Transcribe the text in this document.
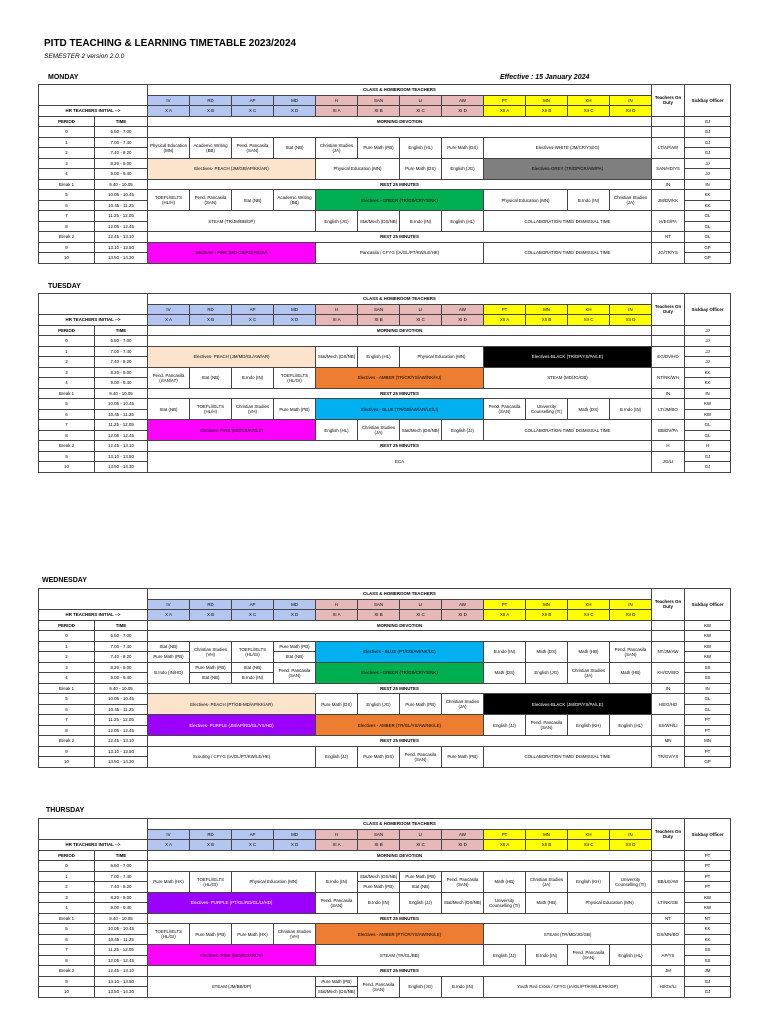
PITD TEACHING & LEARNING TIMETABLE 2023/2024
SEMESTER 2 version 2.0.0
Effective : 15 January 2024
MONDAY
TUESDAY
WEDNESDAY
THURSDAY
		CLASS & HOMEROOM TEACHERS												Teachers On Duty	Sickbay Officer
		IV	RD	AP	MD	H	SAN	LI	AW	PT	MN	KH	IN		
HR TEACHERS INITIAL -->		X A	X B	X C	X D	XI A	XI B	XI C	XI D	XII A	XII B	XII C	XII D		
PERIOD	TIME	MORNING DEVOTION													GJ
0	6.50 - 7.00														GJ
1	7.00 - 7.40	Physical Education (MN)	Academic Writing (BB)	Pend. Pancasila (SAN)	Stat (NB)	Christian Studies (JA)	Pure Math (PB)	English (HL)	Pure Math (DS)	Electives-WHITE (JM/CR/YS/IG)				LT/AP/AW	GJ
2	7.40 - 8.20														GJ
3	8.20 - 9.00	Electives- PEACH (JM/GB/AP/KK/AR)				Physical Education (MN)		Pure Math (DS)	English (JG)	Electives-GREY (TR/DP/CR/AW/PA)				SAN/HD/YS	JJ
4	9.00 - 9.40														JJ
Break 1	9.40 - 10.05	REST 25 MINUTES												IN	IN
5	10.05 - 10.45	TOEFL/IELTS (HL/H)	Pend. Pancasila (SAN)	Stat (NB)	Academic Writing (BB)	Electives - GREEN (TR/GB/CR/YS/NK)				Physical Education (MN)		B.Indo (IN)	Christian Studies (JA)	JM/DV/KK	KK
6	10.45 - 11.25														KK
7	11.25 - 12.05	STEAM (TR/JM/BB/DP)				English (JG)	Stat/Mech (DS/NB)	B.Indo (IN)	English (HL)	COLLABORATION TIME/ DISMISSAL TIME				H/EG/PA	GL
8	12.05 - 12.45														GL
Break 2	12.45 - 13.10	REST 25 MINUTES												NT	GL
9	13.10 - 13.50	Electives - PINK (MD-GB/RD/AR/JV)				Pancasila / CFYG (IA/GL/PT/KW/LE/HK)				COLLABORATION TIME/ DISMISSAL TIME				JG/TR/YS	GP
10	13.50 - 14.30														GP
		CLASS & HOMEROOM TEACHERS												Teachers On Duty	Sickbay Officer
		IV	RD	AP	MD	H	SAN	LI	AW	PT	MN	KH	IN		
HR TEACHERS INITIAL -->		X A	X B	X C	X D	XI A	XI B	XI C	XI D	XII A	XII B	XII C	XII D		
PERIOD	TIME	MORNING DEVOTION													JJ
0	6.50 - 7.00														JJ
1	7.00 - 7.40	Electives- PEACH (JM/MD/GL/AW/AR)				Stat/Mech (DS/NB)	English (HL)	Physical Education (MN)		Electives-BLACK (TR/DP/YS/PA/LE)				EG/DV/HD	JJ
2	7.40 - 8.20														JJ
3	8.20 - 9.00	Pend. Pancasila (SAN/AT)	Stat (NB)	B.Indo (IN)	TOEFL/IELTS (HL/GI)	Electives - AMBER (TR/CR/YS/AW/NK/HJ)				STEAM (MD/JG/GB)				NT/NK/WH	KK
4	9.00 - 9.40														KK
Break 1	9.40 - 10.05	REST 25 MINUTES												IN	IN
5	10.05 - 10.45	Stat (NB)	TOEFL/IELTS (HL/H)	Christian Studies (VH)	Pure Math (PB)	Electives - BLUE (TR/GB/AW/AR/LE/LI)				Pend. Pancasila (SAN)	University Counselling (TI)	Math (DS)	B.Indo (IN)	LT/JM/BO	KW
6	10.45 - 11.25														KW
7	11.25 - 12.05	Electives- PINK (MD/GB/AR/LE)				English (HL)	Christian Studies (JA)	Stat/Mech (DS/NB)	English (JJ)	COLLABORATION TIME/ DISMISSAL TIME				BB/DV/PA	GL
8	12.05 - 12.45														GL
Break 2	12.45 - 13.10	REST 25 MINUTES												H	H
9	13.10 - 13.50	ECA												JG/LI	GJ
10	13.50 - 14.30														GJ
		CLASS & HOMEROOM TEACHERS												Teachers On Duty	Sickbay Officer
		IV	RD	AP	MD	H	SAN	LI	AW	PT	MN	KH	IN		
HR TEACHERS INITIAL -->		X A	X B	X C	X D	XI A	XI B	XI C	XI D	XII A	XII B	XII C	XII D		
PERIOD	TIME	MORNING DEVOTION													KW
0	6.50 - 7.00														KW
1	7.00 - 7.40	Stat (NB)	Christian Studies (VH)	TOEFL/IELTS (HL/GI)	Pure Math (PB)	Electives - BLUE (PT/GB/AW/NK/LE)				B.Indo (IN)	Math (DS)	Math (HB)	Pend. Pancasila (SAN)	NT/JM/AW	KW
2	7.40 - 8.20	Pure Math (PB)			Stat (NB)										KW
3	8.20 - 9.00	B.Indo (IN/HD)	Pure Math (PB)	Stat (NB)	Pend. Pancasila (SAN)	Electives - GREEN (TR/GB/CR/YS/NK)				Math (DS)	English (JG)	Christian Studies (JA)	Math (HB)	KH/GV/BO	SS
4	9.00 - 9.40		Stat (NB)	B.Indo (IN)											SS
Break 1	9.40 - 10.05	REST 25 MINUTES												IN	IN
5	10.05 - 10.45	Electives- PEACH (PT/GB-MD/AP/KK/AR)				Pure Math (DS)	English (JG)	Pure Math (PB)	Christian Studies (JA)	Electives-BLACK (JM/DP/YS/PA/LE)				H/EG/HD	GL
6	10.45 - 11.25														GL
7	11.25 - 12.05	Electives- PURPLE (JM/AP/RD/GL/YS/HD)				Electives - AMBER (TR/GL/YS/AW/NK/LE)				English (JJ)	Pend. Pancasila (SAN)	English (KH)	English (HL)	SS/WH/LI	PT
8	12.05 - 12.45														PT
Break 2	12.45 - 13.10	REST 25 MINUTES												MN	MN
9	13.10 - 13.50	Scouting / CFYG (IA/GL/PT/KW/LE/HK)				English (JJ)	Pure Math (DS)	Pend. Pancasila (SAN)	Pure Math (PB)	COLLABORATION TIME/ DISMISSAL TIME				TR/GV/YS	PT
10	13.50 - 14.30														GP
		CLASS & HOMEROOM TEACHERS												Teachers On Duty	Sickbay Officer
		IV	RD	AP	MD	H	SAN	LI	AW	PT	MN	KH	IN		
HR TEACHERS INITIAL -->		X A	X B	X C	X D	XI A	XI B	XI C	XI D	XII A	XII B	XII C	XII D		
PERIOD	TIME	MORNING DEVOTION													PT
0	6.50 - 7.00														PT
1	7.00 - 7.40	Pure Math (HK)	TOEFL/IELTS (HL/GI)	Physical Education (MN)		B.Indo (IN)	Stat/Mech (DS/NB)	Pure Math (PB)	Pend. Pancasila (SAN)	Math (HB)	Christian Studies (JA)	English (KH)	University Counselling (TI)	BB/LE/AW	PT
2	7.40 - 8.20						Pure Math (PB)	Stat (NB)							PT
3	8.20 - 9.00	Electives- PURPLE (PT/GL/RD/GL/LI/HD)				Pend. Pancasila (SAN)	B.Indo (IN)	English (JJ)	Stat/Mech (DS/NB)	University Counselling (TI)	Math (HB)	Physical Education (MN)		LT/NK/GB	KW
4	9.00 - 9.40														KW
Break 1	9.40 - 10.05	REST 25 MINUTES												NT	NT
5	10.05 - 10.45	TOEFL/IELTS (HL/GI)	Pure Math (PB)	Pure Math (HK)	Christian Studies (VH)	Electives - AMBER (PT/CR/YS/AW/NK/LE)				STEAM (TR/MD/JG/GB)				DS/MN/BO	KK
6	10.45 - 11.25														KK
7	11.25 - 12.05	Electives- PINK (MD/RD/AR/JV)				STEAM (TR/GL/BB)				English (JJ)	B.Indo (IN)	Pend. Pancasila (SAN)	English (HL)	AP/YS	SS
8	12.05 - 12.45														SS
Break 2	12.45 - 13.10	REST 25 MINUTES												JM	JM
9	13.10 - 13.50	STEAM (JM/BB/DP)				Pure Math (PB)	Pend. Pancasila (SAN)	English (JG)	B.Indo (IN)	Youth Red Cross / CFYG (IA/GL/PT/KW/LE/HK/GP)				HI/GV/LI	GJ
10	13.50 - 14.30					Stat/Mech (DS/NB)									GJ
